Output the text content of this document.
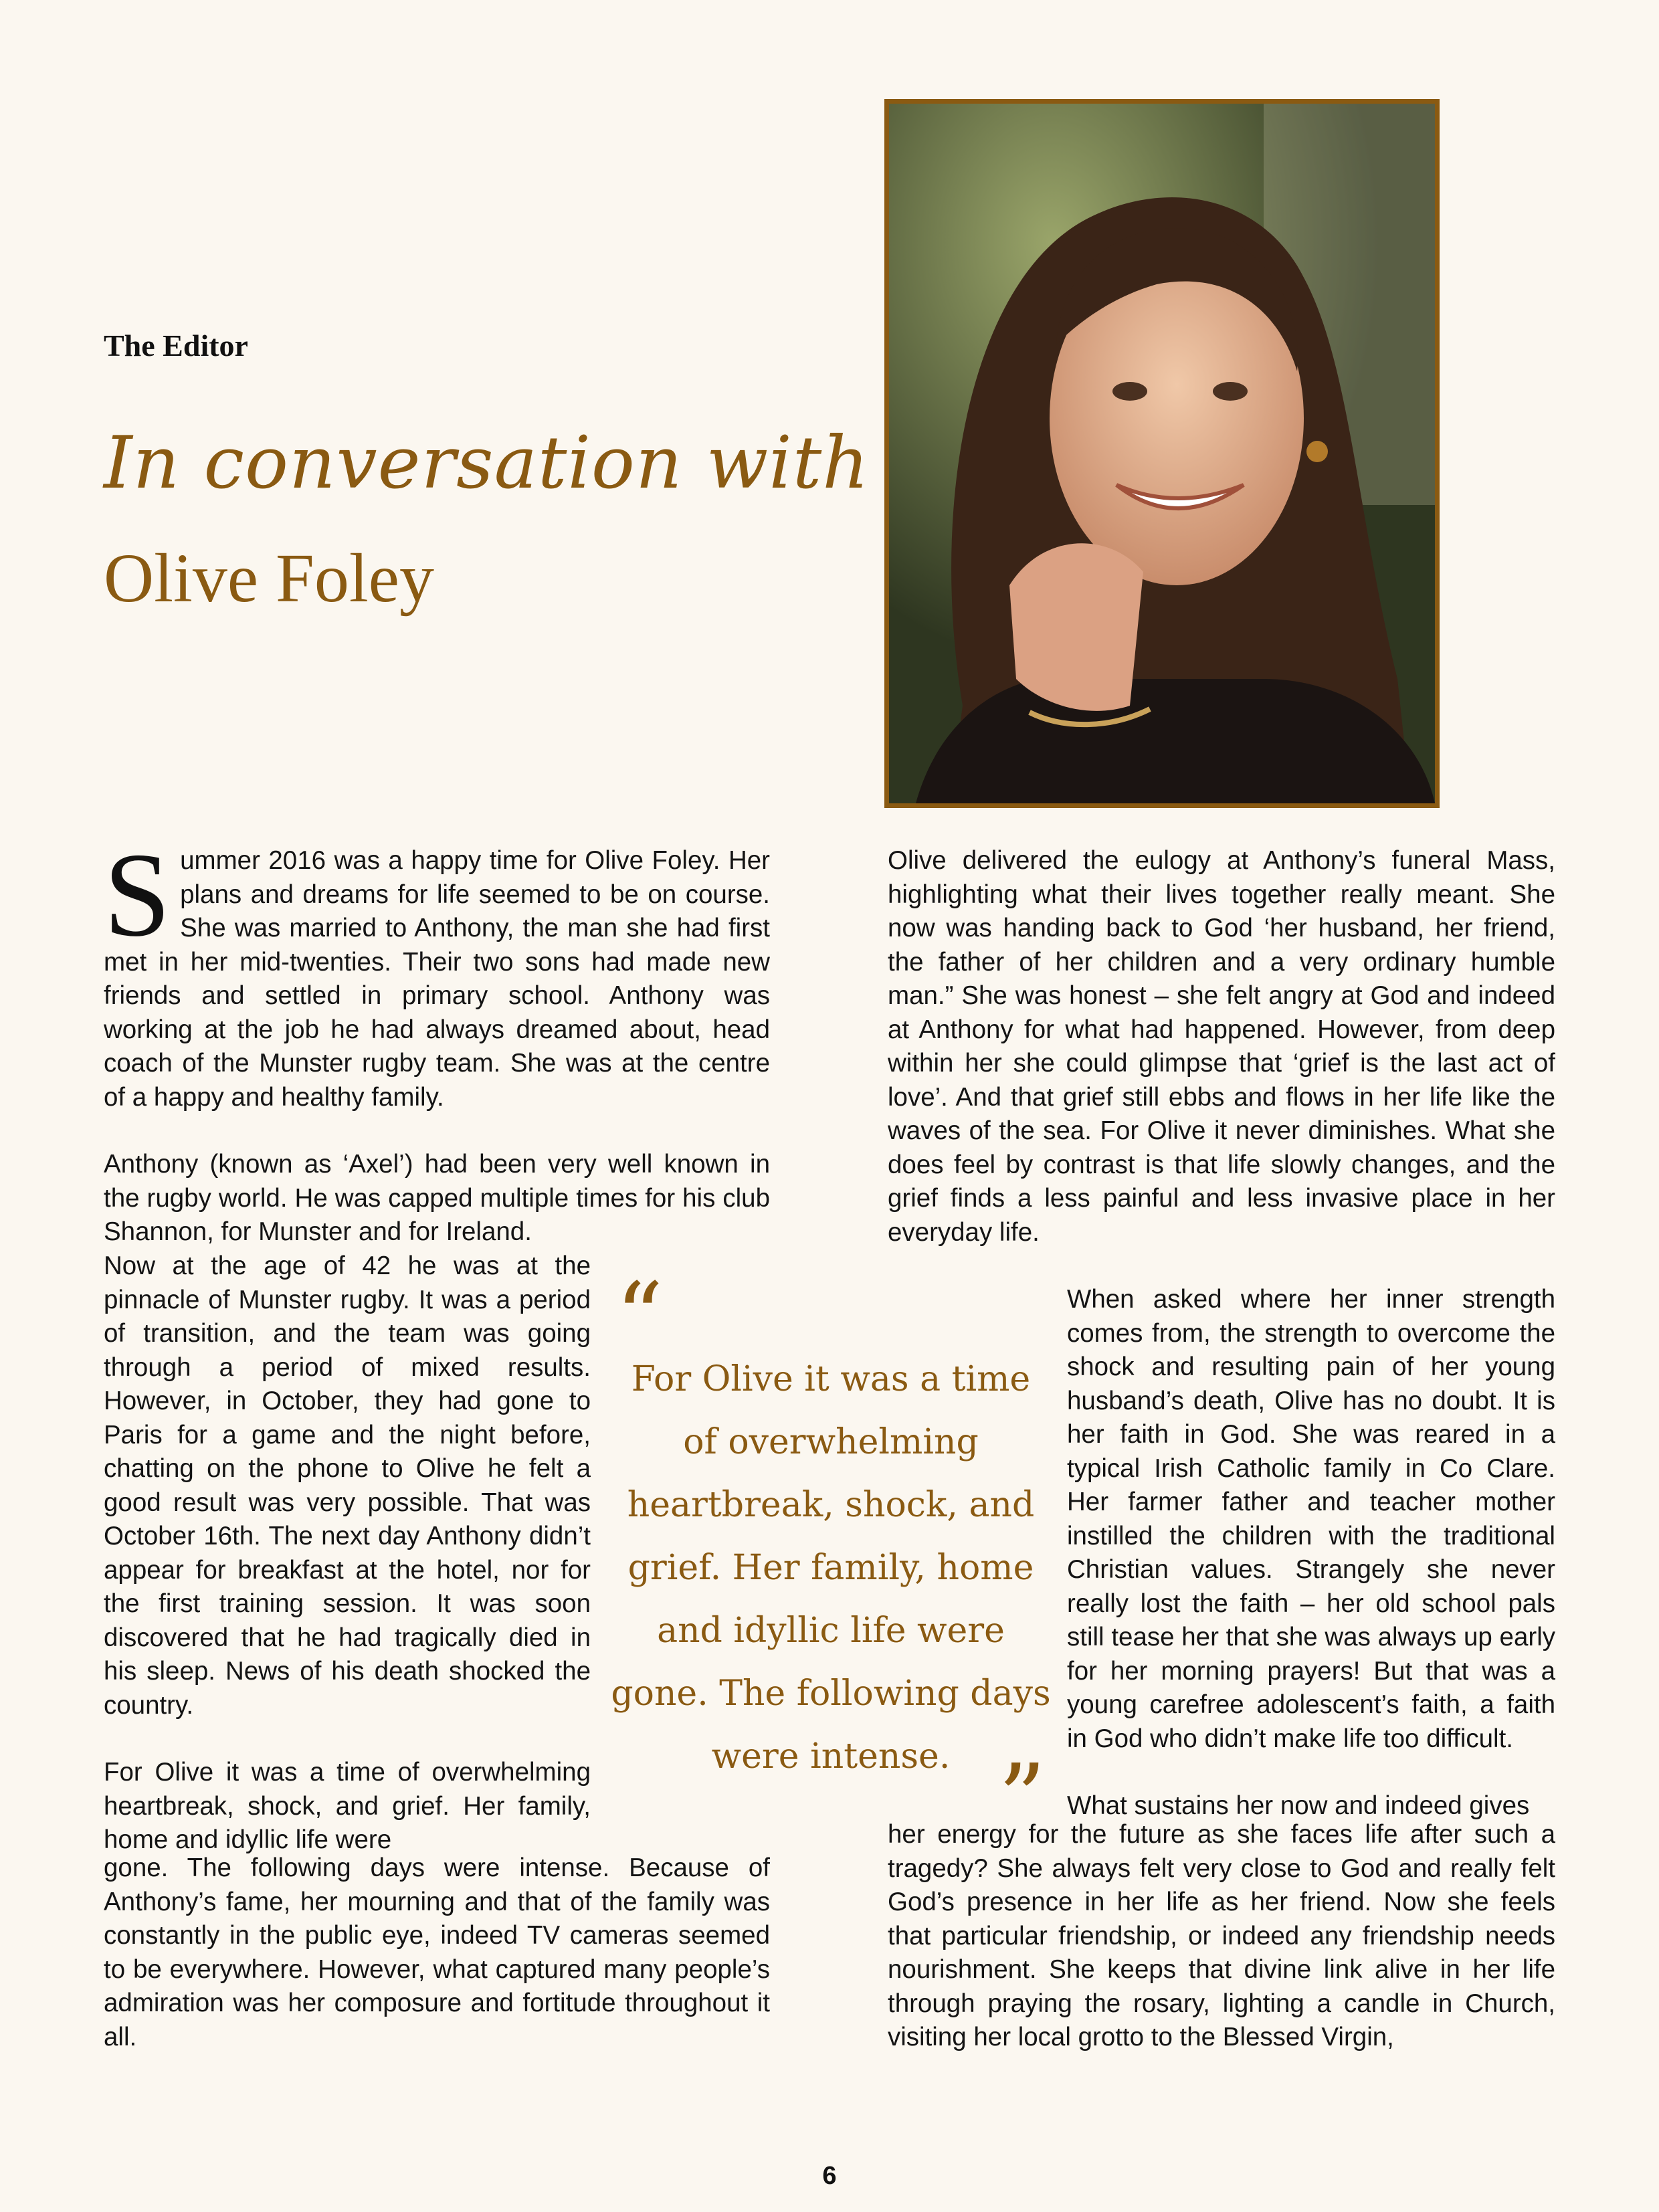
The Editor
In conversation with
Olive Foley

Summer 2016 was a happy time for Olive Foley. Her plans and dreams for life seemed to be on course. She was married to Anthony, the man she had first met in her mid-twenties. Their two sons had made new friends and settled in primary school. Anthony was working at the job he had always dreamed about, head coach of the Munster rugby team. She was at the centre of a happy and healthy family.

Anthony (known as ‘Axel’) had been very well known in the rugby world. He was capped multiple times for his club Shannon, for Munster and for Ireland.

Now at the age of 42 he was at the pinnacle of Munster rugby. It was a period of transition, and the team was going through a period of mixed results. However, in October, they had gone to Paris for a game and the night before, chatting on the phone to Olive he felt a good result was very possible. That was October 16th. The next day Anthony didn’t appear for breakfast at the hotel, nor for the first training session. It was soon discovered that he had tragically died in his sleep. News of his death shocked the country.

For Olive it was a time of overwhelming heartbreak, shock, and grief. Her family, home and idyllic life were

gone. The following days were intense. Because of Anthony’s fame, her mourning and that of the family was constantly in the public eye, indeed TV cameras seemed to be everywhere. However, what captured many people’s admiration was her composure and fortitude throughout it all.

Olive delivered the eulogy at Anthony’s funeral Mass, highlighting what their lives together really meant. She now was handing back to God ‘her husband, her friend, the father of her children and a very ordinary humble man.” She was honest – she felt angry at God and indeed at Anthony for what had happened. However, from deep within her she could glimpse that ‘grief is the last act of love’. And that grief still ebbs and flows in her life like the waves of the sea. For Olive it never diminishes. What she does feel by contrast is that life slowly changes, and the grief finds a less painful and less invasive place in her everyday life.

When asked where her inner strength comes from, the strength to overcome the shock and resulting pain of her young husband’s death, Olive has no doubt. It is her faith in God. She was reared in a typical Irish Catholic family in Co Clare. Her farmer father and teacher mother instilled the children with the traditional Christian values. Strangely she never really lost the faith – her old school pals still tease her that she was always up early for her morning prayers! But that was a young carefree adolescent’s faith, a faith in God who didn’t make life too difficult.

What sustains her now and indeed gives

her energy for the future as she faces life after such a tragedy? She always felt very close to God and really felt God’s presence in her life as her friend. Now she feels that particular friendship, or indeed any friendship needs nourishment. She keeps that divine link alive in her life through praying the rosary, lighting a candle in Church, visiting her local grotto to the Blessed Virgin,

“
For Olive it was a time of overwhelming heartbreak, shock, and grief. Her family, home and idyllic life were gone. The following days were intense. ”
6
